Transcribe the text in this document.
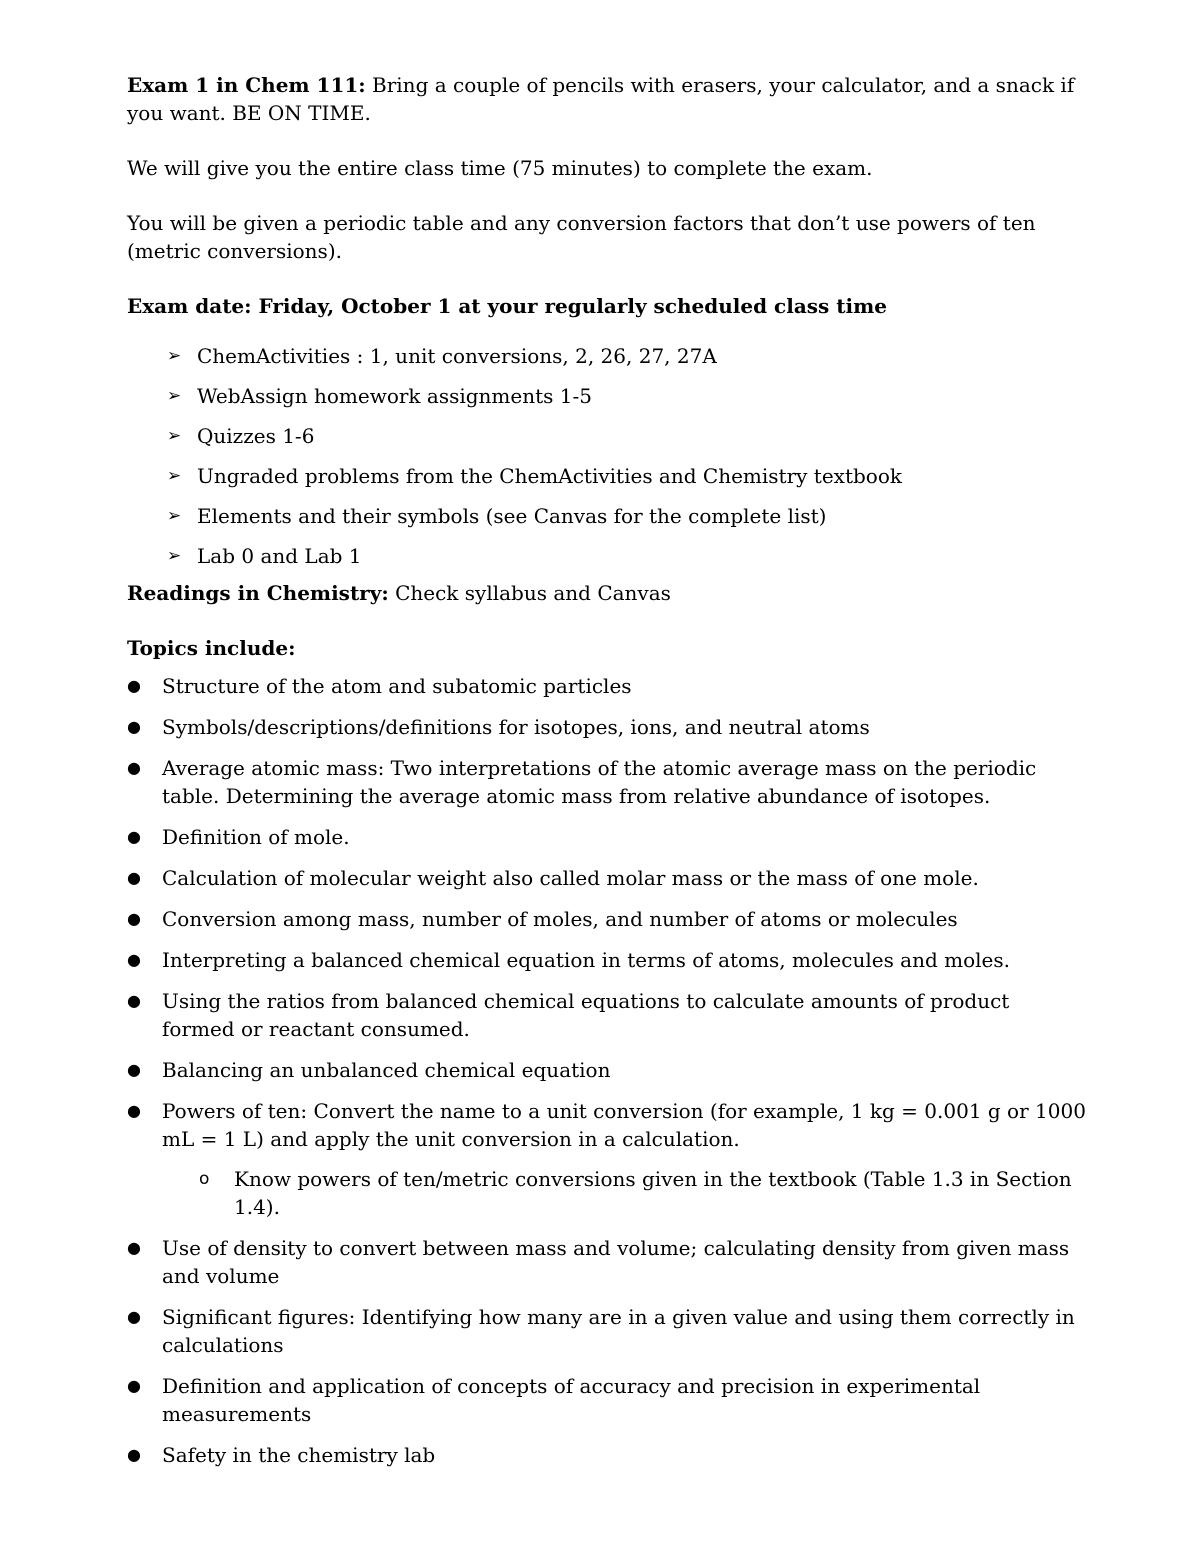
Exam 1 in Chem 111: Bring a couple of pencils with erasers, your calculator, and a snack if you want. BE ON TIME.

We will give you the entire class time (75 minutes) to complete the exam.

You will be given a periodic table and any conversion factors that don’t use powers of ten (metric conversions).

Exam date: Friday, October 1 at your regularly scheduled class time

➢ ChemActivities : 1, unit conversions, 2, 26, 27, 27A
➢ WebAssign homework assignments 1-5
➢ Quizzes 1-6
➢ Ungraded problems from the ChemActivities and Chemistry textbook
➢ Elements and their symbols (see Canvas for the complete list)
➢ Lab 0 and Lab 1

Readings in Chemistry: Check syllabus and Canvas

Topics include:

● Structure of the atom and subatomic particles
● Symbols/descriptions/definitions for isotopes, ions, and neutral atoms
● Average atomic mass: Two interpretations of the atomic average mass on the periodic table. Determining the average atomic mass from relative abundance of isotopes.
● Definition of mole.
● Calculation of molecular weight also called molar mass or the mass of one mole.
● Conversion among mass, number of moles, and number of atoms or molecules
● Interpreting a balanced chemical equation in terms of atoms, molecules and moles.
● Using the ratios from balanced chemical equations to calculate amounts of product formed or reactant consumed.
● Balancing an unbalanced chemical equation
● Powers of ten: Convert the name to a unit conversion (for example, 1 kg = 0.001 g or 1000 mL = 1 L) and apply the unit conversion in a calculation.
o Know powers of ten/metric conversions given in the textbook (Table 1.3 in Section 1.4).
● Use of density to convert between mass and volume; calculating density from given mass and volume
● Significant figures: Identifying how many are in a given value and using them correctly in calculations
● Definition and application of concepts of accuracy and precision in experimental measurements
● Safety in the chemistry lab
